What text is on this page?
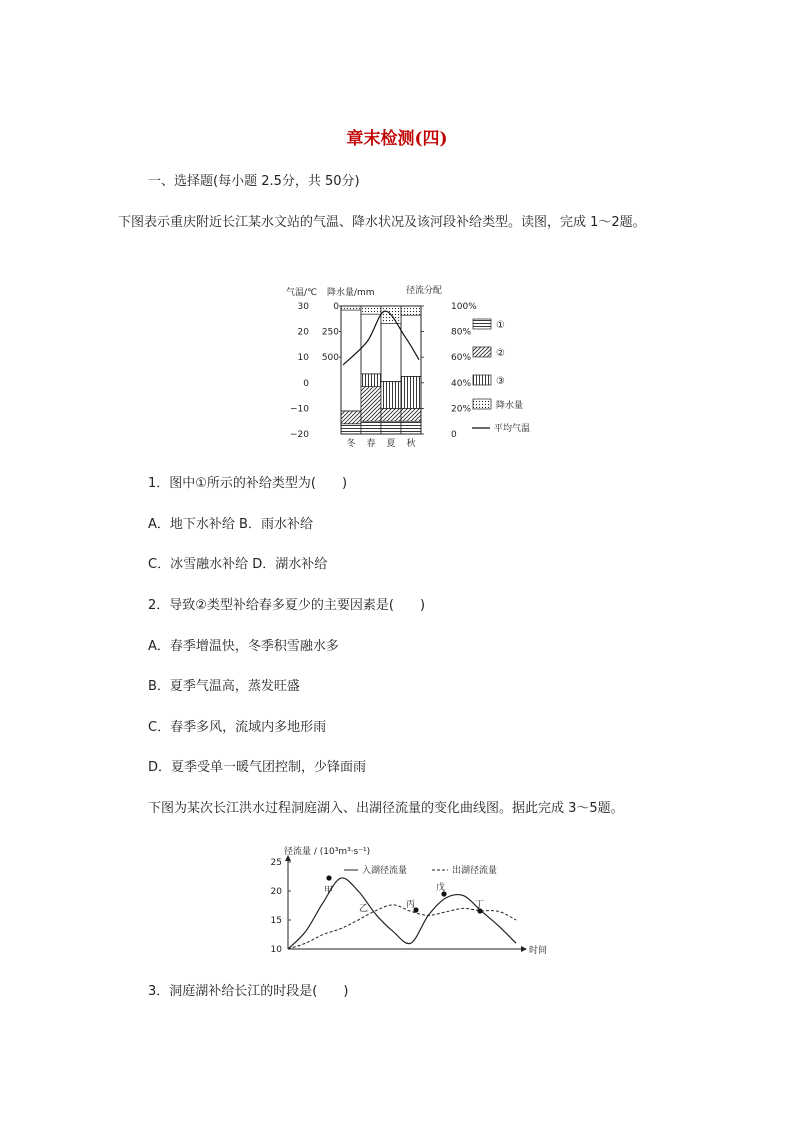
章末检测(四)
一、选择题(每小题 2.5分，共 50分)
下图表示重庆附近长江某水文站的气温、降水状况及该河段补给类型。读图，完成 1～2题。
气温/℃ 降水量/mm	径流分配
30
20
10
0
−10
−20
0
250
500
100%
80%
60%
40%
20%
0
冬 春 夏 秋
①
②
③
降水量
平均气温
1．图中①所示的补给类型为(　　)
A．地下水补给 B．雨水补给
C．冰雪融水补给 D．湖水补给
2．导致②类型补给春多夏少的主要因素是(　　)
A．春季增温快，冬季积雪融水多
B．夏季气温高，蒸发旺盛
C．春季多风，流域内多地形雨
D．夏季受单一暖气团控制，少锋面雨
下图为某次长江洪水过程洞庭湖入、出湖径流量的变化曲线图。据此完成 3～5题。
径流量 / (10³m³·s⁻¹)
时间
25
20
15
10
入湖径流量	出湖径流量
甲
乙	丙
戊
丁
3．洞庭湖补给长江的时段是(　　)
